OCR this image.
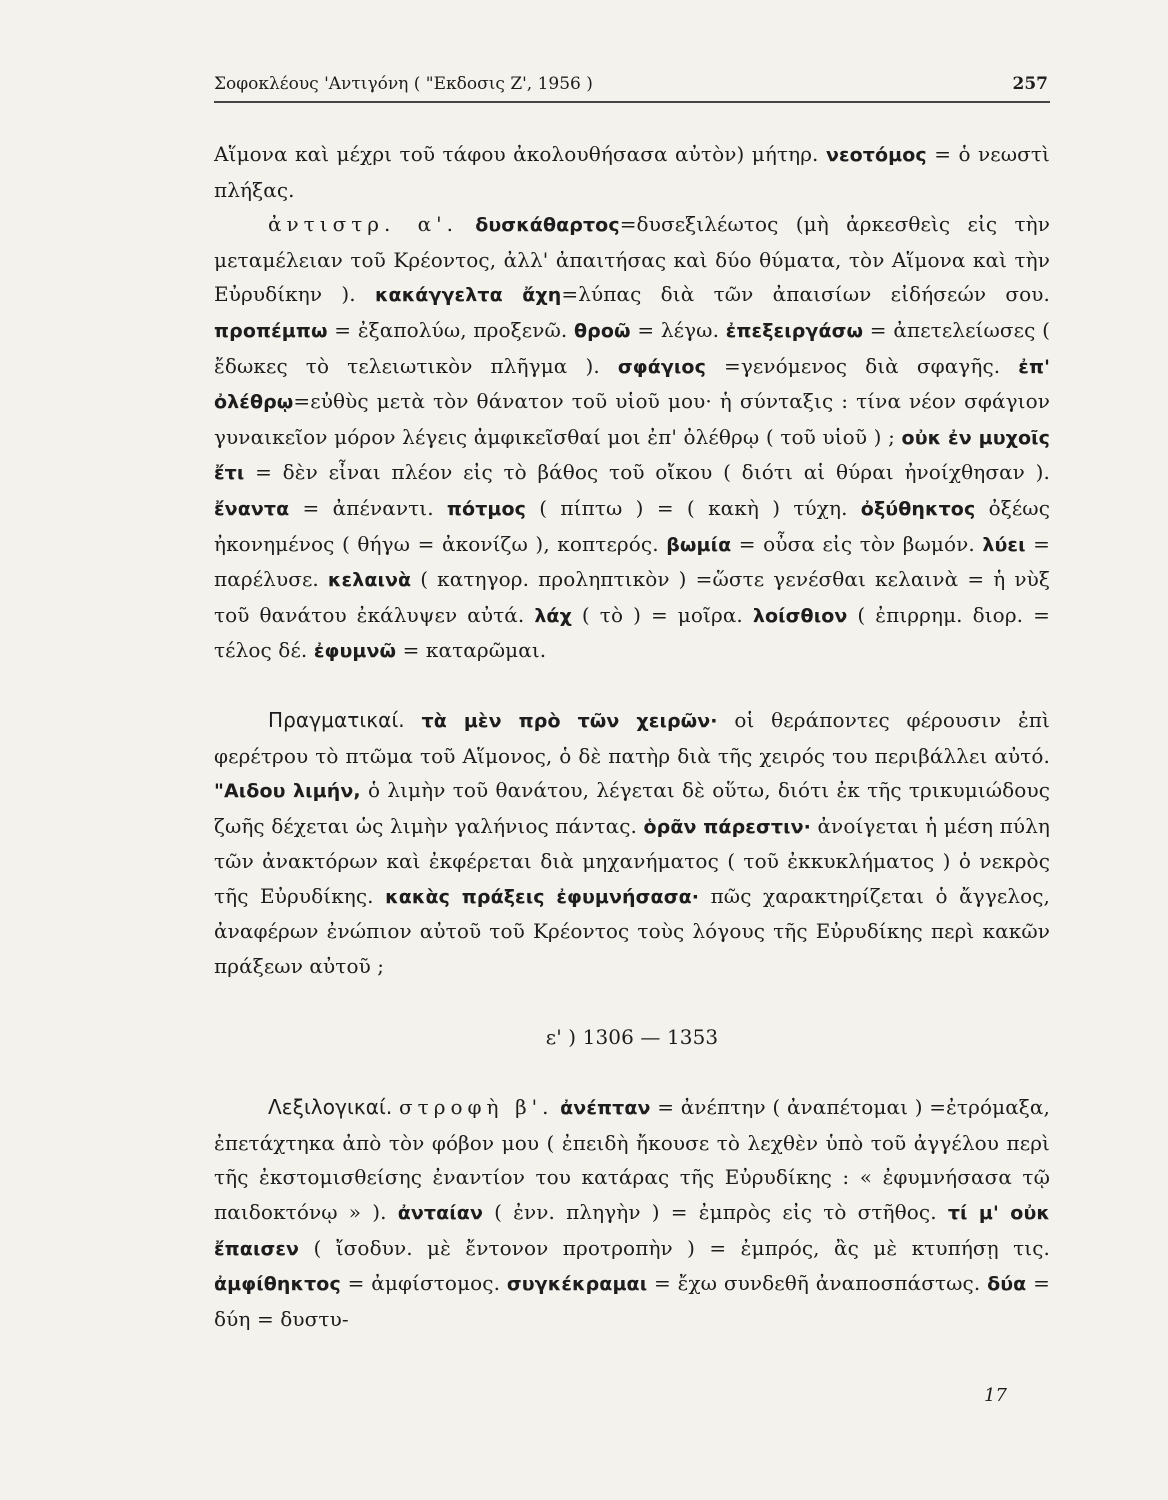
Σοφοκλέους 'Αντιγόνη ( "Εκδοσις Ζ', 1956 )	257

Αἵμονα καὶ μέχρι τοῦ τάφου ἀκολουθήσασα αὐτὸν) μήτηρ. νεοτόμος = ὁ νεωστὶ πλήξας.

ἀντιστρ. α'. δυσκάθαρτος=δυσεξιλέωτος (μὴ ἀρκεσθεὶς εἰς τὴν μεταμέλειαν τοῦ Κρέοντος, ἀλλ' ἀπαιτήσας καὶ δύο θύματα, τὸν Αἵμονα καὶ τὴν Εὐρυδίκην ). κακάγγελτα ἄχη=λύπας διὰ τῶν ἀπαισίων εἰδήσεών σου. προπέμπω = ἐξαπολύω, προξενῶ. θροῶ = λέγω. ἐπεξειργάσω = ἀπετελείωσες ( ἔδωκες τὸ τελειωτικὸν πλῆγμα ). σφάγιος =γενόμενος διὰ σφαγῆς. ἐπ' ὀλέθρῳ=εὐθὺς μετὰ τὸν θάνατον τοῦ υἱοῦ μου· ἡ σύνταξις : τίνα νέον σφάγιον γυναικεῖον μόρον λέγεις ἀμφικεῖσθαί μοι ἐπ' ὀλέθρῳ ( τοῦ υἱοῦ ) ; οὐκ ἐν μυχοῖς ἔτι = δὲν εἶναι πλέον εἰς τὸ βάθος τοῦ οἴκου ( διότι αἱ θύραι ἠνοίχθησαν ). ἔναντα = ἀπέναντι. πότμος ( πίπτω ) = ( κακὴ ) τύχη. ὀξύθηκτος ὀξέως ἠκονημένος ( θήγω = ἀκονίζω ), κοπτερός. βωμία = οὖσα εἰς τὸν βωμόν. λύει = παρέλυσε. κελαινὰ ( κατηγορ. προληπτικὸν ) =ὥστε γενέσθαι κελαινὰ = ἡ νὺξ τοῦ θανάτου ἐκάλυψεν αὐτά. λάχ ( τὸ ) = μοῖρα. λοίσθιον ( ἐπιρρημ. διορ. = τέλος δέ. ἐφυμνῶ = καταρῶμαι.

Πραγματικαί. τὰ μὲν πρὸ τῶν χειρῶν· οἱ θεράποντες φέρουσιν ἐπὶ φερέτρου τὸ πτῶμα τοῦ Αἵμονος, ὁ δὲ πατὴρ διὰ τῆς χειρός του περιβάλλει αὐτό. "Αιδου λιμήν, ὁ λιμὴν τοῦ θανάτου, λέγεται δὲ οὕτω, διότι ἐκ τῆς τρικυμιώδους ζωῆς δέχεται ὡς λιμὴν γαλήνιος πάντας. ὁρᾶν πάρεστιν· ἀνοίγεται ἡ μέση πύλη τῶν ἀνακτόρων καὶ ἐκφέρεται διὰ μηχανήματος ( τοῦ ἐκκυκλήματος ) ὁ νεκρὸς τῆς Εὐρυδίκης. κακὰς πράξεις ἐφυμνήσασα· πῶς χαρακτηρίζεται ὁ ἄγγελος, ἀναφέρων ἐνώπιον αὐτοῦ τοῦ Κρέοντος τοὺς λόγους τῆς Εὐρυδίκης περὶ κακῶν πράξεων αὐτοῦ ;

ε' ) 1306 — 1353

Λεξιλογικαί. στροφὴ β'. ἀνέπταν = ἀνέπτην ( ἀναπέτομαι ) =ἐτρόμαξα, ἐπετάχτηκα ἀπὸ τὸν φόβον μου ( ἐπειδὴ ἤκουσε τὸ λεχθὲν ὑπὸ τοῦ ἀγγέλου περὶ τῆς ἐκστομισθείσης ἐναντίον του κατάρας τῆς Εὐρυδίκης : « ἐφυμνήσασα τῷ παιδοκτόνῳ » ). ἀνταίαν ( ἐνν. πληγὴν ) = ἐμπρὸς εἰς τὸ στῆθος. τί μ' οὐκ ἔπαισεν ( ἴσοδυν. μὲ ἔντονον προτροπὴν ) = ἐμπρός, ἂς μὲ κτυπήσῃ τις. ἀμφίθηκτος = ἀμφίστομος. συγκέκραμαι = ἔχω συνδεθῆ ἀναποσπάστως. δύα = δύη = δυστυ-

17
